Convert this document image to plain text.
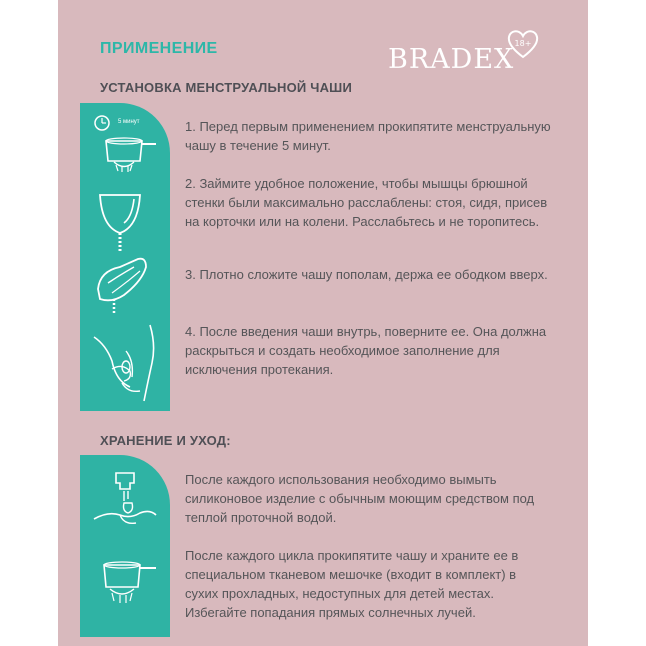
ПРИМЕНЕНИЕ	BRADEX
18+
УСТАНОВКА МЕНСТРУАЛЬНОЙ ЧАШИ
5 минут	1. Перед первым применением прокипятите менструальную чашу в течение 5 минут.

2. Займите удобное положение, чтобы мышцы брюшной стенки были максимально расслаблены: стоя, сидя, присев на корточки или на колени. Расслабьтесь и не торопитесь.

3. Плотно сложите чашу пополам, держа ее ободком вверх.

4. После введения чаши внутрь, поверните ее. Она должна раскрыться и создать необходимое заполнение для исключения протекания.

ХРАНЕНИЕ И УХОД:

После каждого использования необходимо вымыть силиконовое изделие с обычным моющим средством под теплой проточной водой.

После каждого цикла прокипятите чашу и храните ее в специальном тканевом мешочке (входит в комплект) в сухих прохладных, недоступных для детей местах. Избегайте попадания прямых солнечных лучей.
